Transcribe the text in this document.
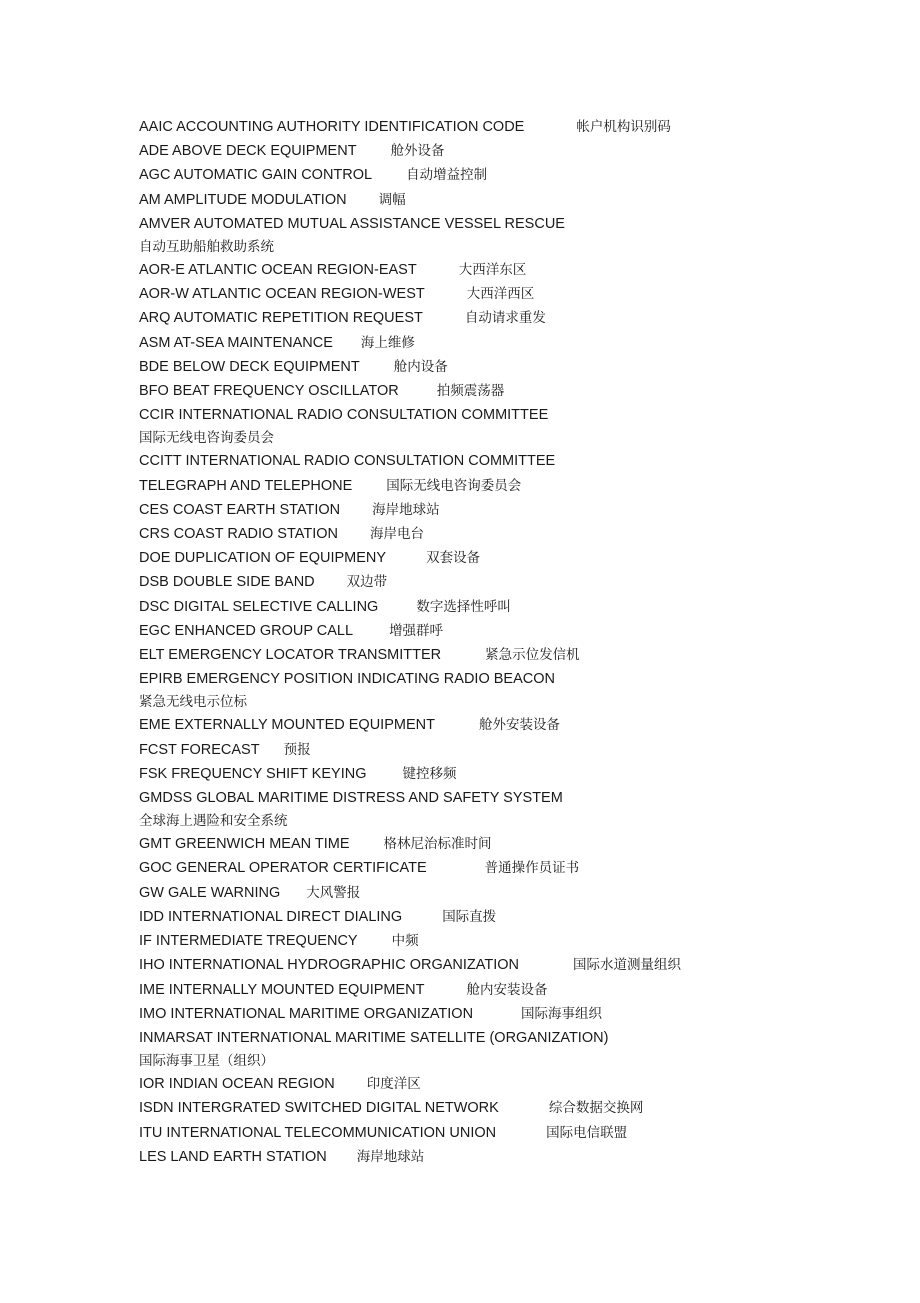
AAIC ACCOUNTING AUTHORITY IDENTIFICATION CODE	帐户机构识别码
ADE ABOVE DECK EQUIPMENT	舱外设备
AGC AUTOMATIC GAIN CONTROL	自动增益控制
AM AMPLITUDE MODULATION 调幅
AMVER AUTOMATED MUTUAL ASSISTANCE VESSEL RESCUE
自动互助船舶救助系统
AOR-E ATLANTIC OCEAN REGION-EAST	大西洋东区
AOR-W ATLANTIC OCEAN REGION-WEST	大西洋西区
ARQ AUTOMATIC REPETITION REQUEST	自动请求重发
ASM AT-SEA MAINTENANCE 海上维修
BDE BELOW DECK EQUIPMENT	舱内设备
BFO BEAT FREQUENCY OSCILLATOR	拍频震荡器
CCIR INTERNATIONAL RADIO CONSULTATION COMMITTEE
国际无线电咨询委员会
CCITT INTERNATIONAL RADIO CONSULTATION COMMITTEE
TELEGRAPH AND TELEPHONE	国际无线电咨询委员会
CES COAST EARTH STATION 海岸地球站
CRS COAST RADIO STATION 海岸电台
DOE DUPLICATION OF EQUIPMENY	双套设备
DSB DOUBLE SIDE BAND 双边带
DSC DIGITAL SELECTIVE CALLING	数字选择性呼叫
EGC ENHANCED GROUP CALL	增强群呼
ELT EMERGENCY LOCATOR TRANSMITTER	紧急示位发信机
EPIRB EMERGENCY POSITION INDICATING RADIO BEACON
紧急无线电示位标
EME EXTERNALLY MOUNTED EQUIPMENT	舱外安装设备
FCST FORECAST 预报
FSK FREQUENCY SHIFT KEYING	键控移频
GMDSS GLOBAL MARITIME DISTRESS AND SAFETY SYSTEM
全球海上遇险和安全系统
GMT GREENWICH MEAN TIME	格林尼治标准时间
GOC GENERAL OPERATOR CERTIFICATE	普通操作员证书
GW GALE WARNING 大风警报
IDD INTERNATIONAL DIRECT DIALING	国际直拨
IF INTERMEDIATE TREQUENCY	中频
IHO INTERNATIONAL HYDROGRAPHIC ORGANIZATION	国际水道测量组织
IME INTERNALLY MOUNTED EQUIPMENT	舱内安装设备
IMO INTERNATIONAL MARITIME ORGANIZATION	国际海事组织
INMARSAT INTERNATIONAL MARITIME SATELLITE (ORGANIZATION)
国际海事卫星（组织）
IOR INDIAN OCEAN REGION 印度洋区
ISDN INTERGRATED SWITCHED DIGITAL NETWORK	综合数据交换网
ITU INTERNATIONAL TELECOMMUNICATION UNION	国际电信联盟
LES LAND EARTH STATION 海岸地球站
